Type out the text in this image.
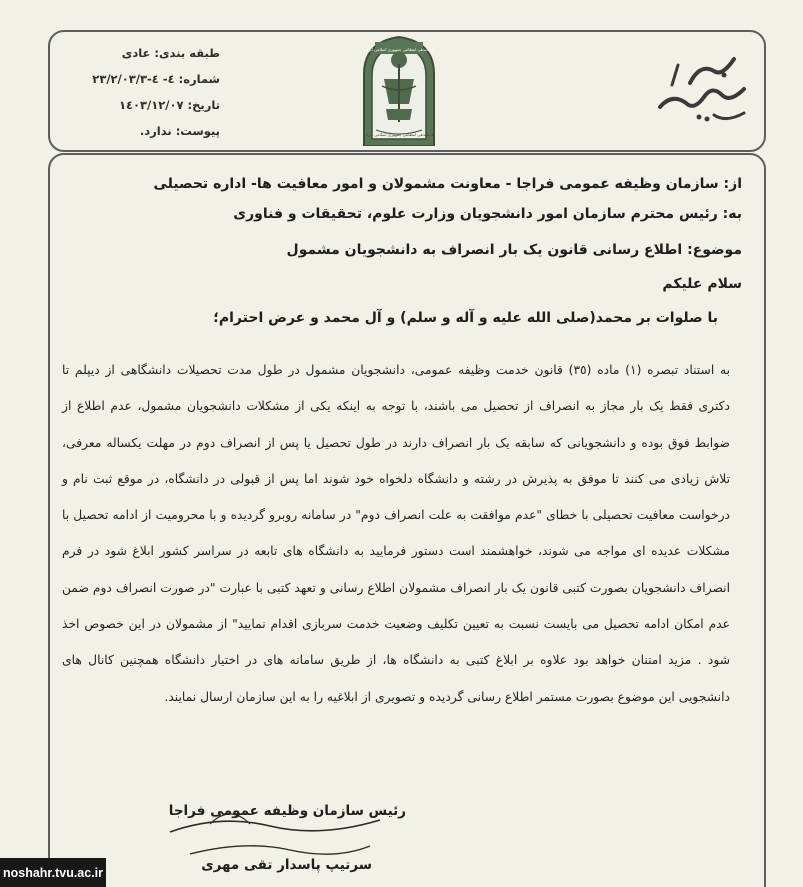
طبقه بندی: عادی
شماره: ٤- ٤-٢٣/٢/٠٣/٣
تاریخ: ١٤٠٣/١٢/٠٧
پیوست: ندارد.
فرماندهی انتظامی جمهوری اسلامی ایران
فرماندهی انتظامی جمهوری اسلامی ایران
از: سازمان وظیفه عمومی فراجا - معاونت مشمولان و امور معافیت ها- اداره تحصیلی
به: رئیس محترم سازمان امور دانشجویان وزارت علوم، تحقیقات و فناوری
موضوع: اطلاع رسانی قانون یک بار انصراف به دانشجویان مشمول
سلام علیکم
با صلوات بر محمد(صلی الله علیه و آله و سلم) و آل محمد و عرض احترام؛
به استناد تبصره (١) ماده (٣٥) قانون خدمت وظیفه عمومی، دانشجویان مشمول در طول مدت تحصیلات دانشگاهی از دیپلم تا دکتری فقط یک بار مجاز به انصراف از تحصیل می باشند، با توجه به اینکه یکی از مشکلات دانشجویان مشمول، عدم اطلاع از ضوابط فوق بوده و دانشجویانی که سابقه یک بار انصراف دارند در طول تحصیل یا پس از انصراف دوم در مهلت یکساله معرفی، تلاش زیادی می کنند تا موفق به پذیرش در رشته و دانشگاه دلخواه خود شوند اما پس از قبولی در دانشگاه، در موقع ثبت نام و درخواست معافیت تحصیلی با خطای "عدم موافقت به علت انصراف دوم" در سامانه روبرو گردیده و با محرومیت از ادامه تحصیل با مشکلات عدیده ای مواجه می شوند، خواهشمند است دستور فرمایید به دانشگاه های تابعه در سراسر کشور ابلاغ شود در فرم انصراف دانشجویان بصورت کتبی قانون یک بار انصراف مشمولان اطلاع رسانی و تعهد کتبی با عبارت "در صورت انصراف دوم ضمن عدم امکان ادامه تحصیل می بایست نسبت به تعیین تکلیف وضعیت خدمت سربازی اقدام نمایید" از مشمولان در این خصوص اخذ شود . مزید امتنان خواهد بود علاوه بر ابلاغ کتبی به دانشگاه ها، از طریق سامانه های در اختیار دانشگاه همچنین کانال های دانشجویی این موضوع بصورت مستمر اطلاع رسانی گردیده و تصویری از ابلاغیه را به این سازمان ارسال نمایند.
رئیس سازمان وظیفه عمومی فراجا
سرتیپ پاسدار تقی مهری
noshahr.tvu.ac.ir
